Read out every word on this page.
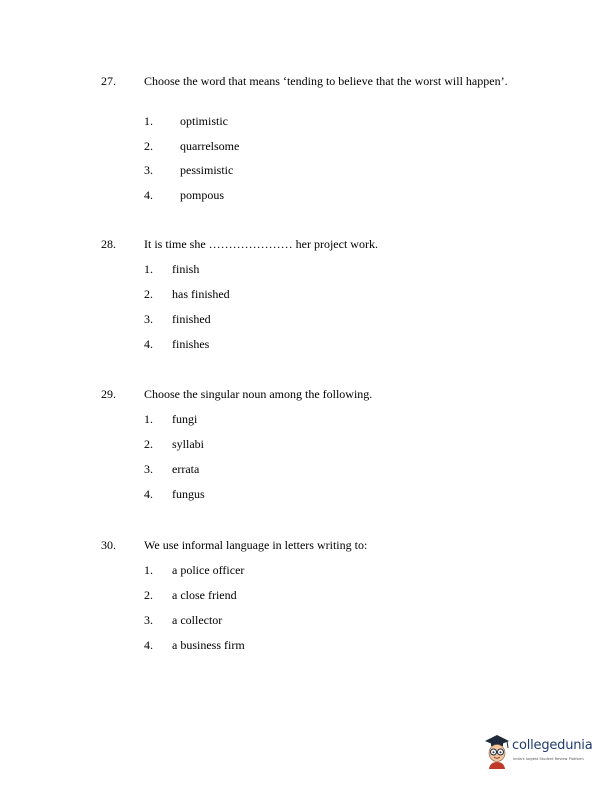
27. Choose the word that means ‘tending to believe that the worst will happen’.
1. optimistic
2. quarrelsome
3. pessimistic
4. pompous
28. It is time she ………………… her project work.
1. finish
2. has finished
3. finished
4. finishes
29. Choose the singular noun among the following.
1. fungi
2. syllabi
3. errata
4. fungus
30. We use informal language in letters writing to:
1. a police officer
2. a close friend
3. a collector
4. a business firm
collegedunia
India's largest Student Review Platform
